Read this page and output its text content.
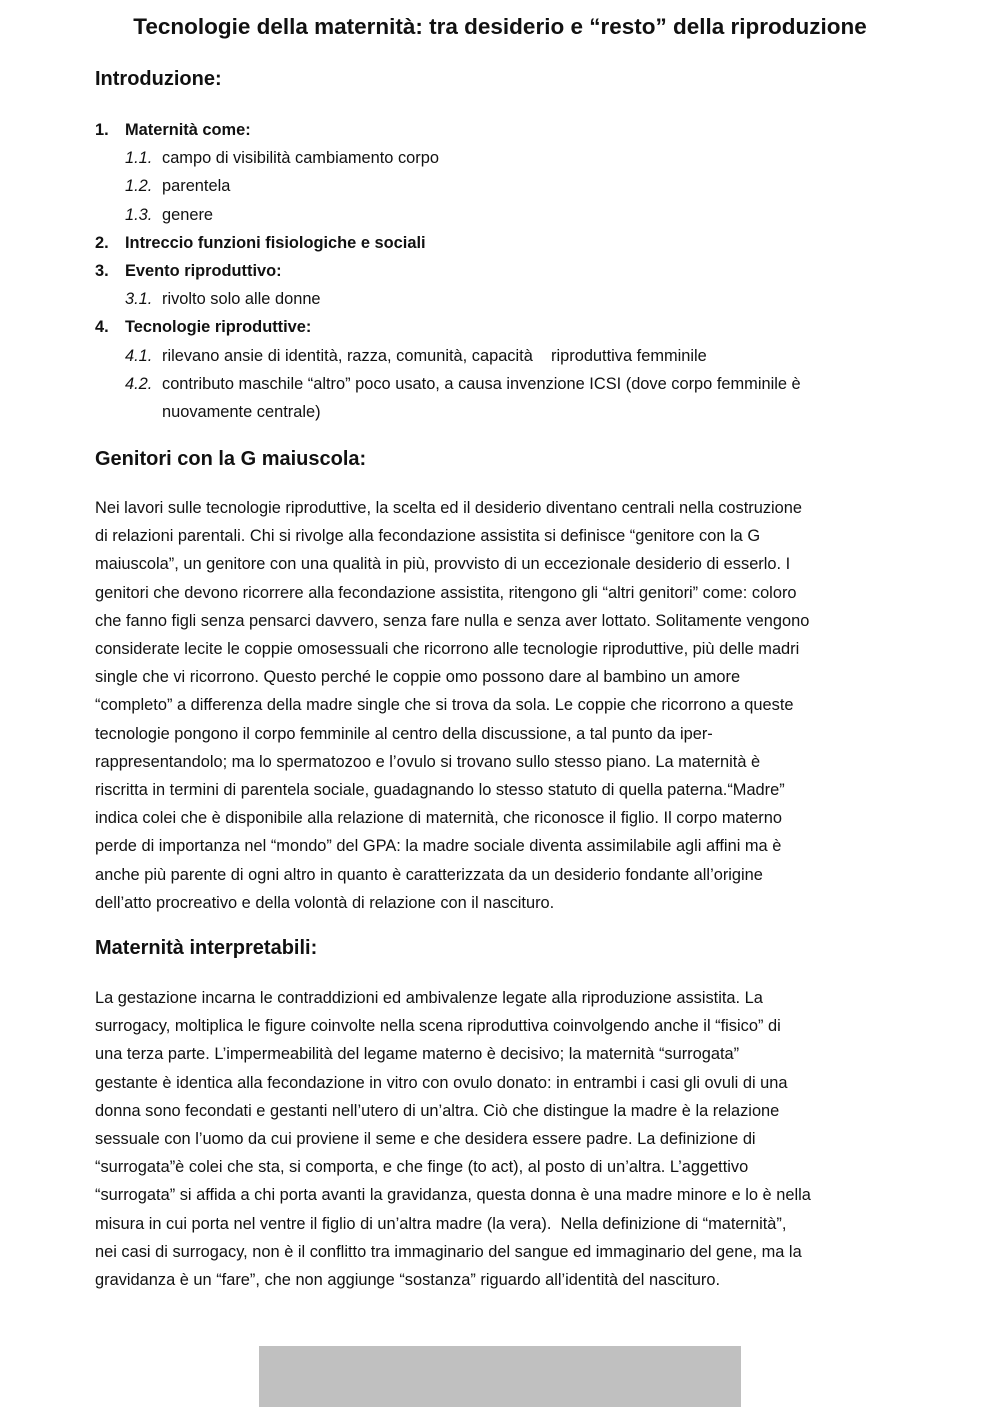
Tecnologie della maternità: tra desiderio e “resto” della riproduzione
Introduzione:
1. Maternità come:
1.1. campo di visibilità cambiamento corpo
1.2. parentela
1.3. genere
2. Intreccio funzioni fisiologiche e sociali
3. Evento riproduttivo:
3.1. rivolto solo alle donne
4. Tecnologie riproduttive:
4.1. rilevano ansie di identità, razza, comunità, capacità    riproduttiva femminile
4.2. contributo maschile “altro” poco usato, a causa invenzione ICSI (dove corpo femminile è
nuovamente centrale)
Genitori con la G maiuscola:
Nei lavori sulle tecnologie riproduttive, la scelta ed il desiderio diventano centrali nella costruzione
di relazioni parentali. Chi si rivolge alla fecondazione assistita si definisce “genitore con la G
maiuscola”, un genitore con una qualità in più, provvisto di un eccezionale desiderio di esserlo. I
genitori che devono ricorrere alla fecondazione assistita, ritengono gli “altri genitori” come: coloro
che fanno figli senza pensarci davvero, senza fare nulla e senza aver lottato. Solitamente vengono
considerate lecite le coppie omosessuali che ricorrono alle tecnologie riproduttive, più delle madri
single che vi ricorrono. Questo perché le coppie omo possono dare al bambino un amore
“completo” a differenza della madre single che si trova da sola. Le coppie che ricorrono a queste
tecnologie pongono il corpo femminile al centro della discussione, a tal punto da iper-
rappresentandolo; ma lo spermatozoo e l’ovulo si trovano sullo stesso piano. La maternità è
riscritta in termini di parentela sociale, guadagnando lo stesso statuto di quella paterna.“Madre”
indica colei che è disponibile alla relazione di maternità, che riconosce il figlio. Il corpo materno
perde di importanza nel “mondo” del GPA: la madre sociale diventa assimilabile agli affini ma è
anche più parente di ogni altro in quanto è caratterizzata da un desiderio fondante all’origine
dell’atto procreativo e della volontà di relazione con il nascituro.
Maternità interpretabili:
La gestazione incarna le contraddizioni ed ambivalenze legate alla riproduzione assistita. La
surrogacy, moltiplica le figure coinvolte nella scena riproduttiva coinvolgendo anche il “fisico” di
una terza parte. L’impermeabilità del legame materno è decisivo; la maternità “surrogata”
gestante è identica alla fecondazione in vitro con ovulo donato: in entrambi i casi gli ovuli di una
donna sono fecondati e gestanti nell’utero di un’altra. Ciò che distingue la madre è la relazione
sessuale con l’uomo da cui proviene il seme e che desidera essere padre. La definizione di
“surrogata”è colei che sta, si comporta, e che finge (to act), al posto di un’altra. L’aggettivo
“surrogata” si affida a chi porta avanti la gravidanza, questa donna è una madre minore e lo è nella
misura in cui porta nel ventre il figlio di un’altra madre (la vera).  Nella definizione di “maternità”,
nei casi di surrogacy, non è il conflitto tra immaginario del sangue ed immaginario del gene, ma la
gravidanza è un “fare”, che non aggiunge “sostanza” riguardo all’identità del nascituro.
